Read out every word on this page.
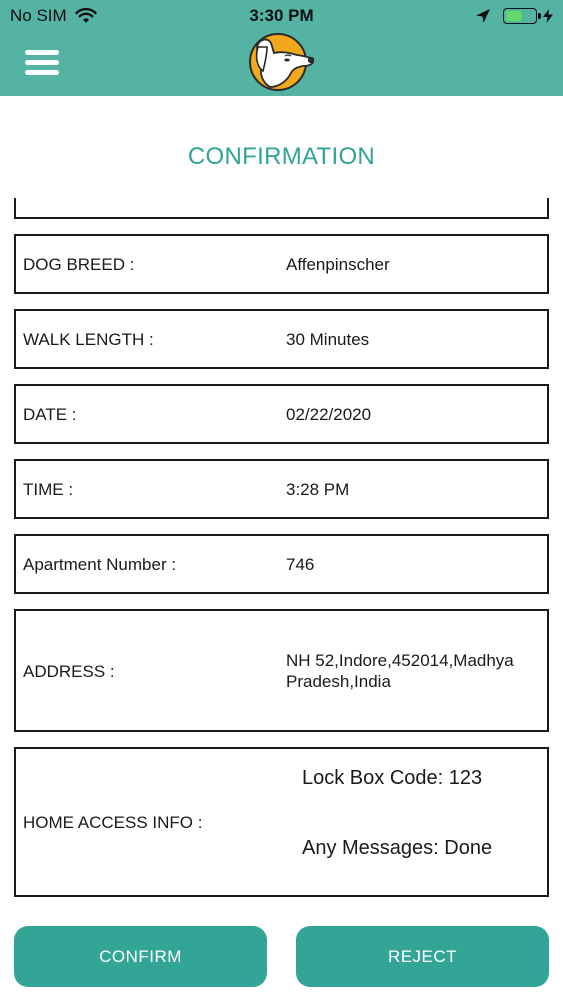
No SIM	3:30 PM
CONFIRMATION
DOG BREED :	Affenpinscher
WALK LENGTH :	30 Minutes
DATE :	02/22/2020
TIME :	3:28 PM
Apartment Number :	746
ADDRESS :
NH 52,Indore,452014,Madhya Pradesh,India
HOME ACCESS INFO :
Lock Box Code: 123
Any Messages: Done
CONFIRM	REJECT
